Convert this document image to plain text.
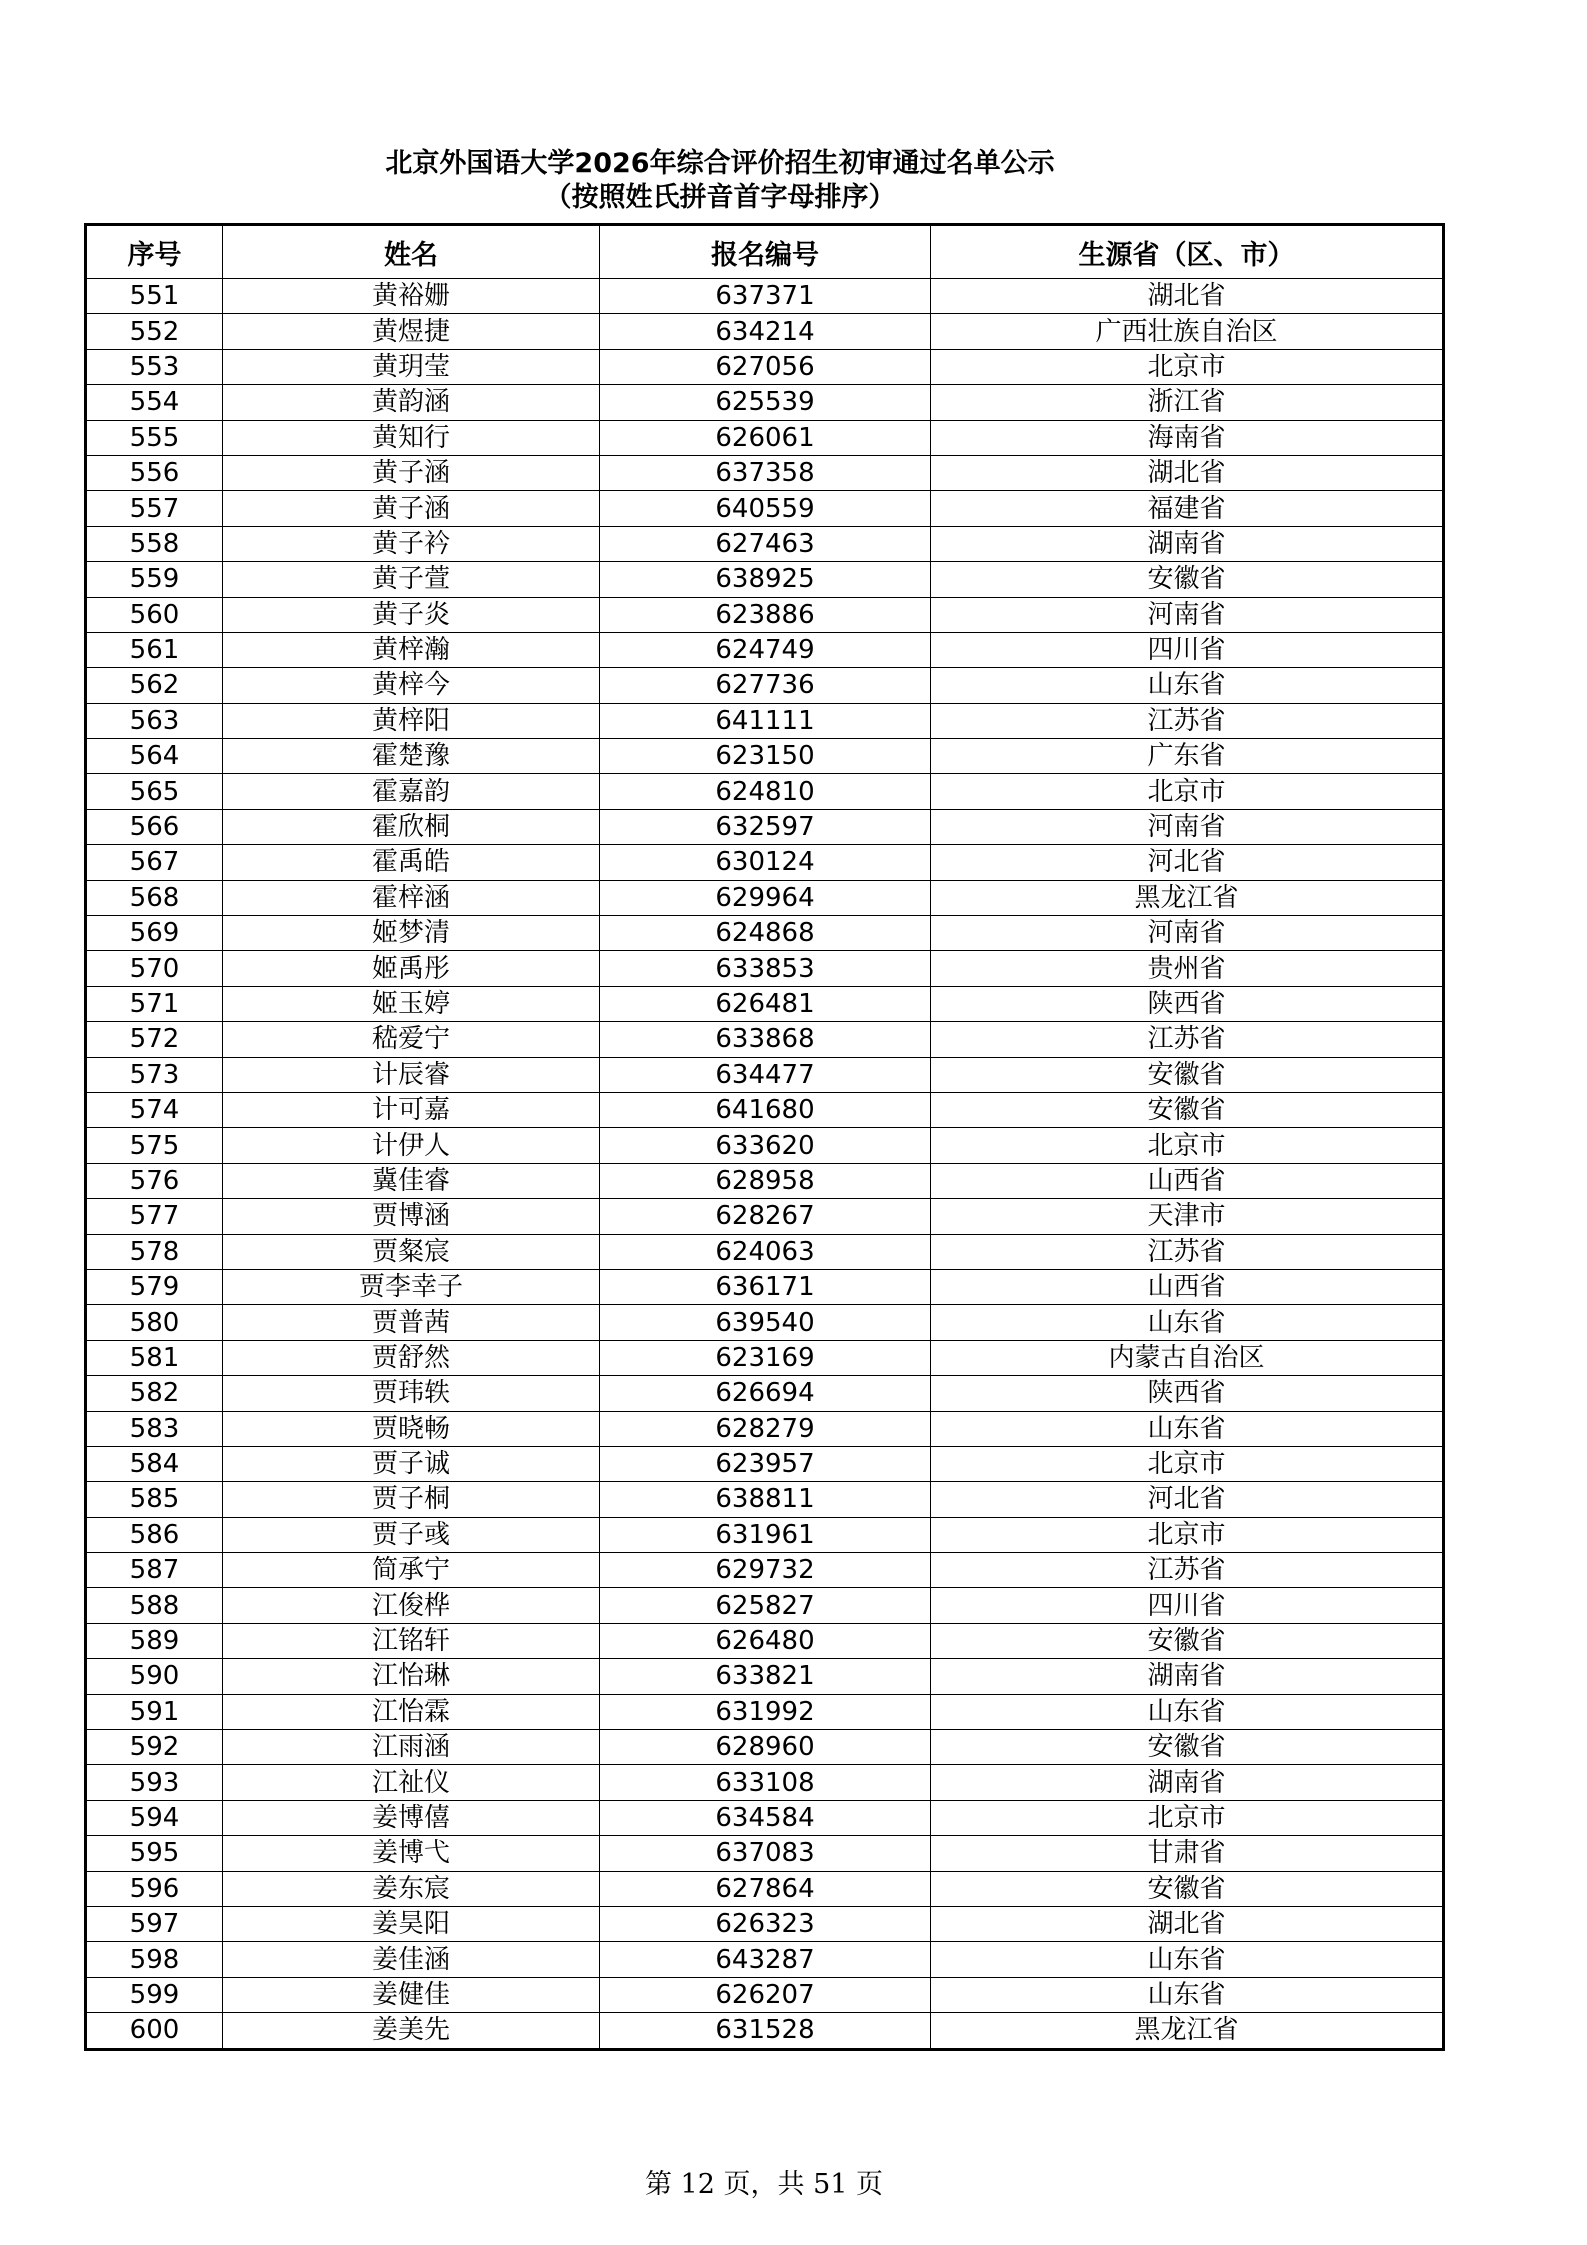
北京外国语大学2026年综合评价招生初审通过名单公示
（按照姓氏拼音首字母排序）
序号	姓名	报名编号	生源省（区、市）
551	黄裕姗	637371	湖北省
552	黄煜捷	634214	广西壮族自治区
553	黄玥莹	627056	北京市
554	黄韵涵	625539	浙江省
555	黄知行	626061	海南省
556	黄子涵	637358	湖北省
557	黄子涵	640559	福建省
558	黄子衿	627463	湖南省
559	黄子萱	638925	安徽省
560	黄子炎	623886	河南省
561	黄梓瀚	624749	四川省
562	黄梓今	627736	山东省
563	黄梓阳	641111	江苏省
564	霍楚豫	623150	广东省
565	霍嘉韵	624810	北京市
566	霍欣桐	632597	河南省
567	霍禹皓	630124	河北省
568	霍梓涵	629964	黑龙江省
569	姬梦清	624868	河南省
570	姬禹彤	633853	贵州省
571	姬玉婷	626481	陕西省
572	嵇爱宁	633868	江苏省
573	计辰睿	634477	安徽省
574	计可嘉	641680	安徽省
575	计伊人	633620	北京市
576	冀佳睿	628958	山西省
577	贾博涵	628267	天津市
578	贾粲宸	624063	江苏省
579	贾李幸子	636171	山西省
580	贾普茜	639540	山东省
581	贾舒然	623169	内蒙古自治区
582	贾玮轶	626694	陕西省
583	贾晓畅	628279	山东省
584	贾子诚	623957	北京市
585	贾子桐	638811	河北省
586	贾子彧	631961	北京市
587	简承宁	629732	江苏省
588	江俊桦	625827	四川省
589	江铭轩	626480	安徽省
590	江怡琳	633821	湖南省
591	江怡霖	631992	山东省
592	江雨涵	628960	安徽省
593	江祉仪	633108	湖南省
594	姜博僖	634584	北京市
595	姜博弋	637083	甘肃省
596	姜东宸	627864	安徽省
597	姜昊阳	626323	湖北省
598	姜佳涵	643287	山东省
599	姜健佳	626207	山东省
600	姜美先	631528	黑龙江省
第 12 页，共 51 页
